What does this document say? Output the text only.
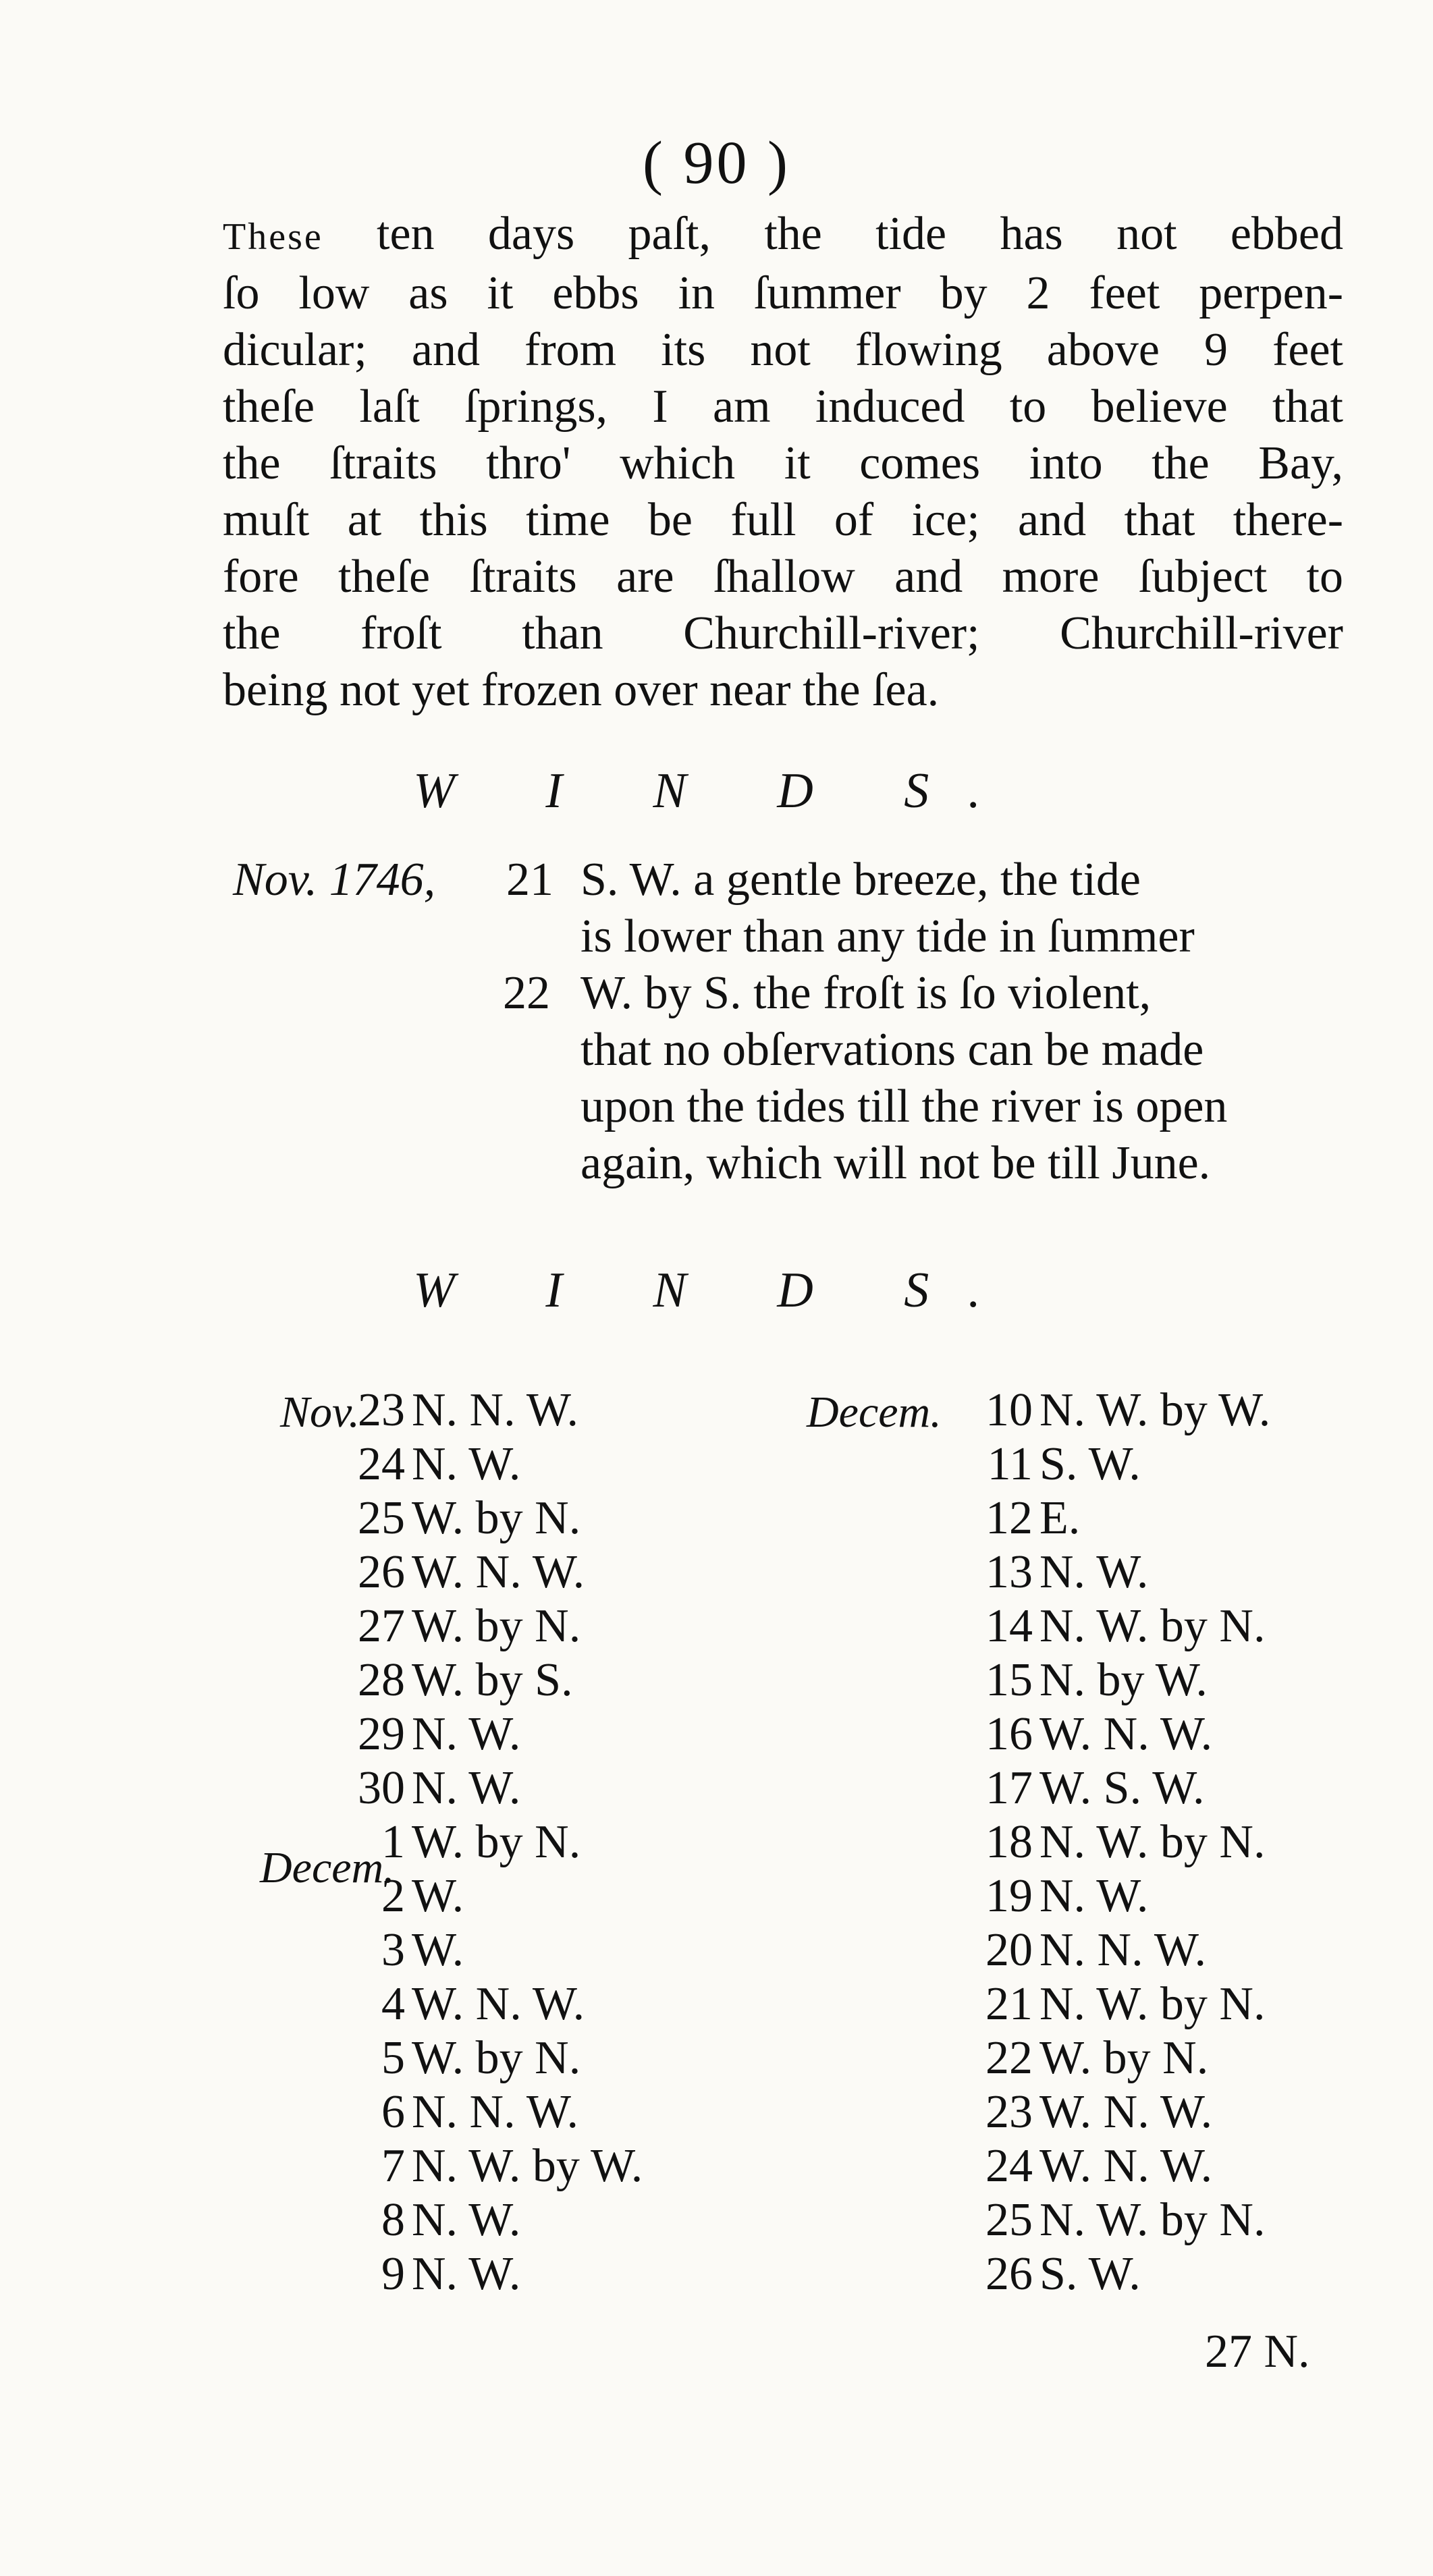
( 90 )
These ten days paſt, the tide has not ebbed
ſo low as it ebbs in ſummer by 2 feet perpen-
dicular; and from its not flowing above 9 feet
theſe laſt ſprings, I am induced to believe that
the ſtraits thro' which it comes into the Bay,
muſt at this time be full of ice; and that there-
fore theſe ſtraits are ſhallow and more ſubject to
the froſt than Churchill-river; Churchill-river
being not yet frozen over near the ſea.
W I N D S.
Nov. 1746, 21 S. W. a gentle breeze, the tide
is lower than any tide in ſummer
22 W. by S. the froſt is ſo violent,
that no obſervations can be made
upon the tides till the river is open
again, which will not be till June.
W I N D S.
Nov.
Decem.
Decem.
23 N. N. W.
24 N. W.
25 W. by N.
26 W. N. W.
27 W. by N.
28 W. by S.
29 N. W.
30 N. W.
1 W. by N.
2 W.
3 W.
4 W. N. W.
5 W. by N.
6 N. N. W.
7 N. W. by W.
8 N. W.
9 N. W.
10 N. W. by W.
11 S. W.
12 E.
13 N. W.
14 N. W. by N.
15 N. by W.
16 W. N. W.
17 W. S. W.
18 N. W. by N.
19 N. W.
20 N. N. W.
21 N. W. by N.
22 W. by N.
23 W. N. W.
24 W. N. W.
25 N. W. by N.
26 S. W.
27 N.
